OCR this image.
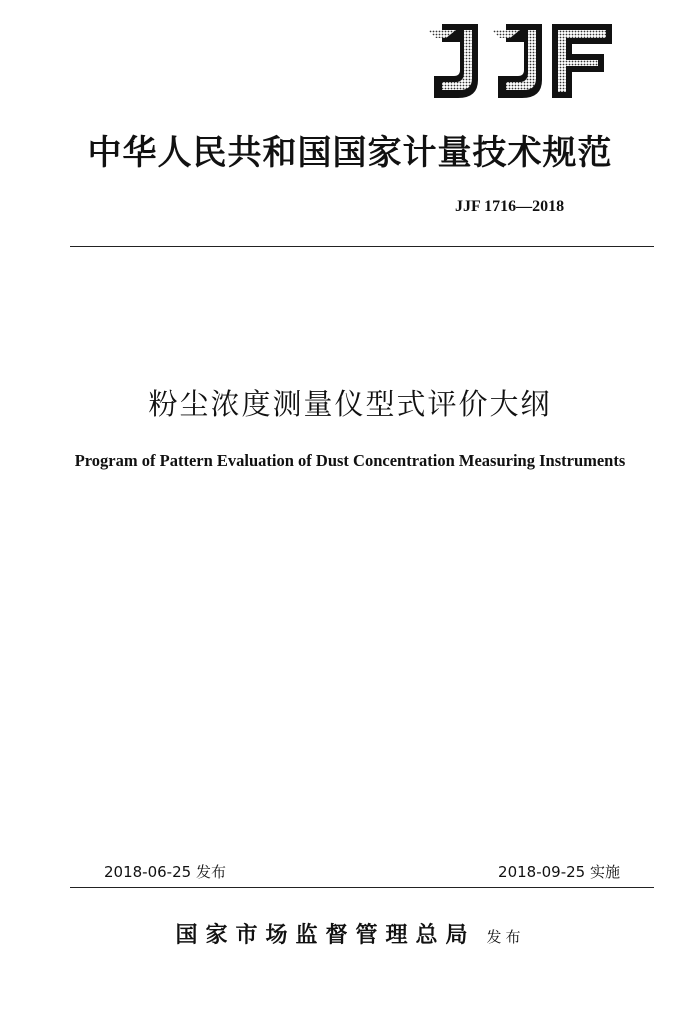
JJF
中华人民共和国国家计量技术规范
JJF 1716—2018
粉尘浓度测量仪型式评价大纲
Program of Pattern Evaluation of Dust Concentration Measuring Instruments
2018-06-25 发布	2018-09-25 实施
国家市场监督管理总局 发布
